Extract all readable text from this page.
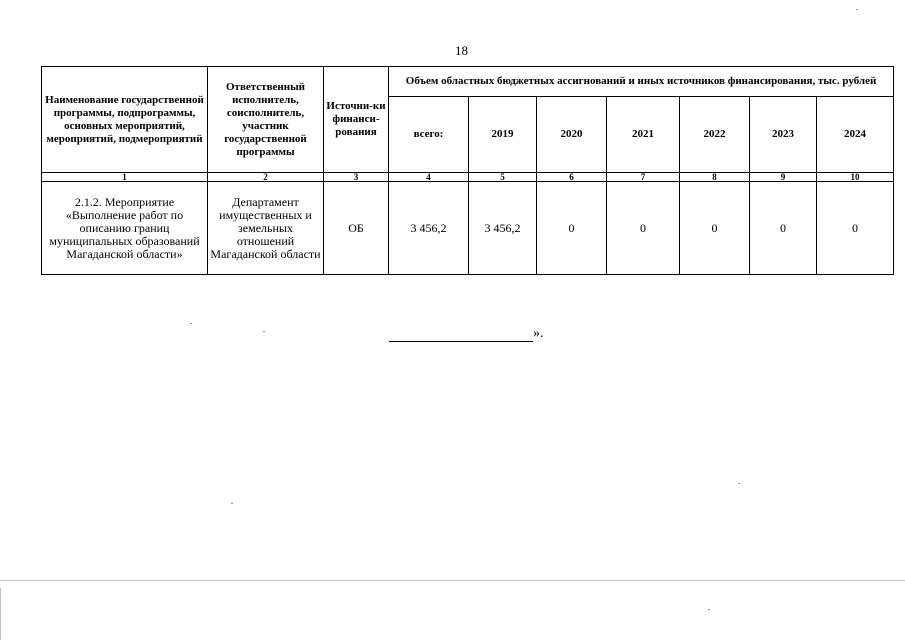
18
Наименование государственной программы, подпрограммы, основных мероприятий, мероприятий, подмероприятий	Ответственный исполнитель, соисполнитель, участник государственной программы	Источни-ки финанси-рования	Объем областных бюджетных ассигнований и иных источников финансирования, тыс. рублей						
			всего:	2019	2020	2021	2022	2023	2024
1	2	3	4	5	6	7	8	9	10
2.1.2. Мероприятие «Выполнение работ по описанию границ муниципальных образований Магаданской области»	Департамент имущественных и земельных отношений Магаданской области	ОБ	3 456,2	3 456,2	0	0	0	0	0
».
